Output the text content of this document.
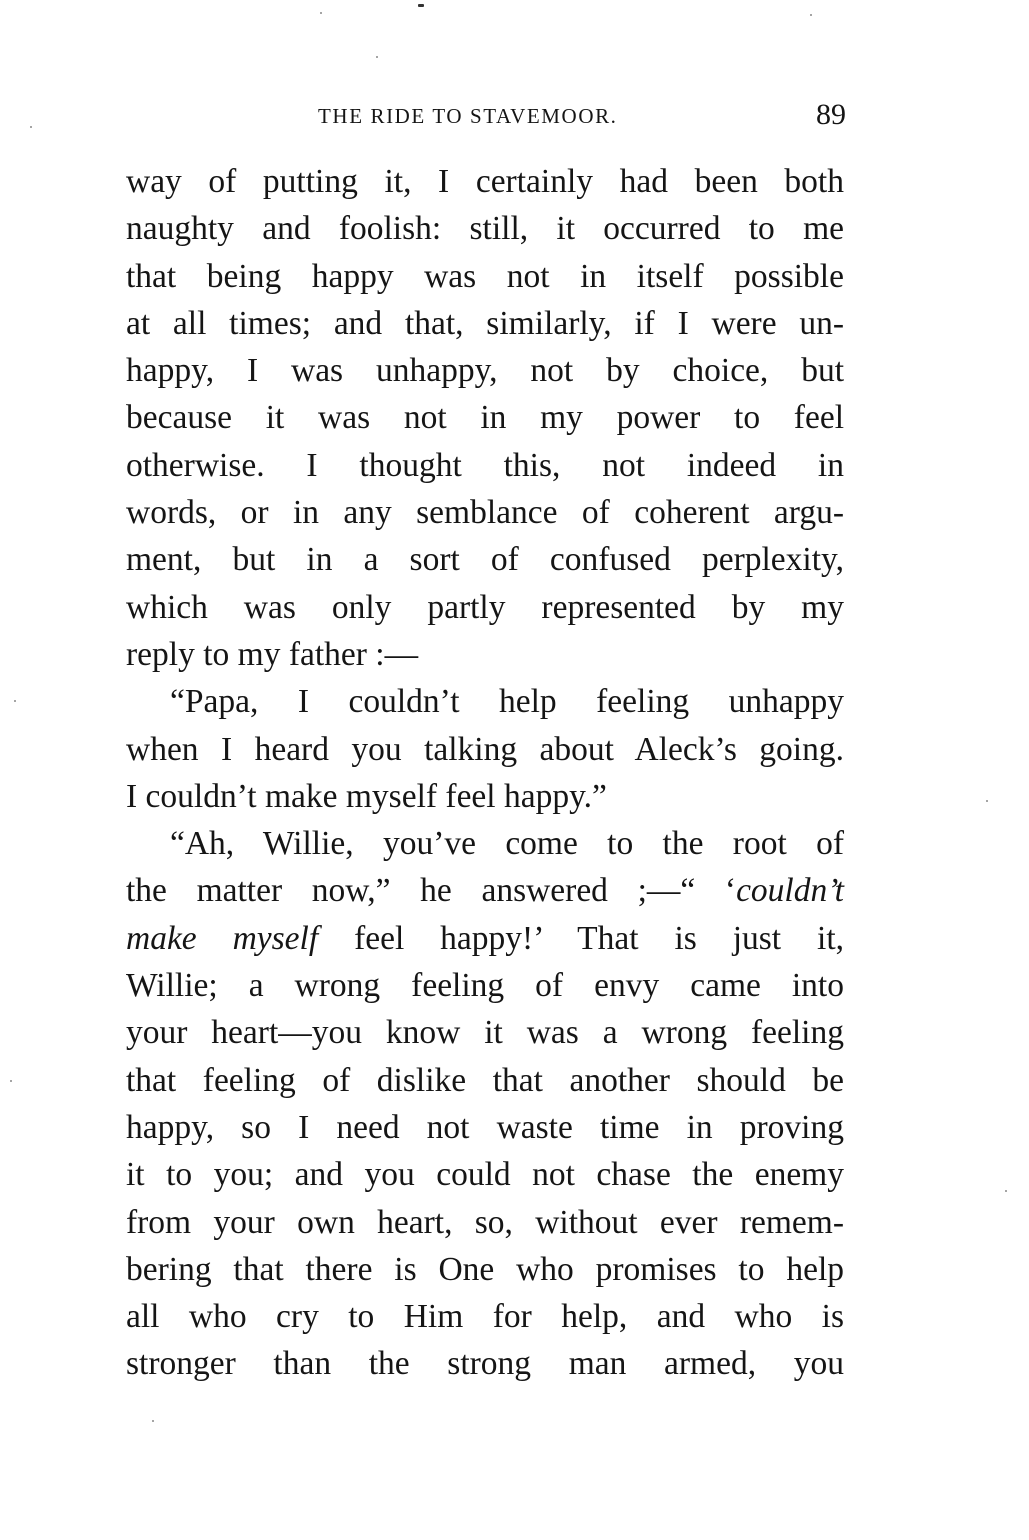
THE RIDE TO STAVEMOOR.	89
way of putting it, I certainly had been both
naughty and foolish: still, it occurred to me
that being happy was not in itself possible
at all times; and that, similarly, if I were un-
happy, I was unhappy, not by choice, but
because it was not in my power to feel
otherwise. I thought this, not indeed in
words, or in any semblance of coherent argu-
ment, but in a sort of confused perplexity,
which was only partly represented by my
reply to my father :—
“Papa, I couldn’t help feeling unhappy
when I heard you talking about Aleck’s going.
I couldn’t make myself feel happy.”
“Ah, Willie, you’ve come to the root of
the matter now,” he answered ;—“ ‘couldn’t
make myself feel happy!’ That is just it,
Willie; a wrong feeling of envy came into
your heart—you know it was a wrong feeling
that feeling of dislike that another should be
happy, so I need not waste time in proving
it to you; and you could not chase the enemy
from your own heart, so, without ever remem-
bering that there is One who promises to help
all who cry to Him for help, and who is
stronger than the strong man armed, you
